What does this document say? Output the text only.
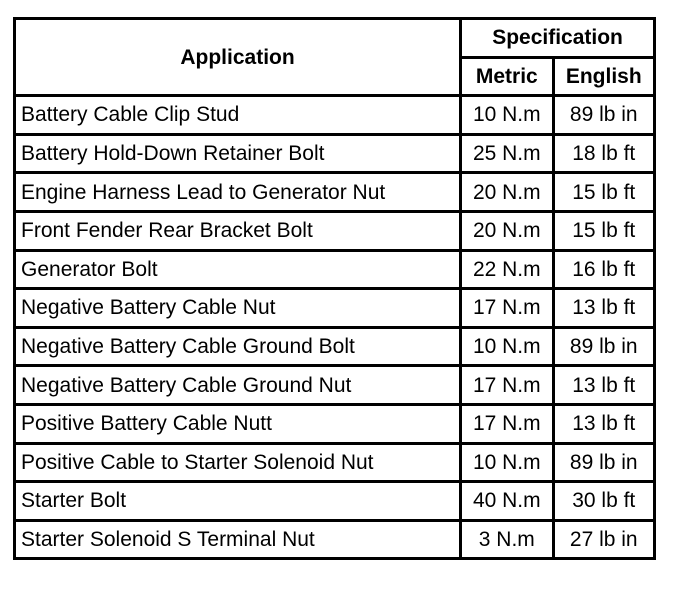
Application	Specification	
	Metric	English
Battery Cable Clip Stud	10 N.m	89 lb in
Battery Hold-Down Retainer Bolt	25 N.m	18 lb ft
Engine Harness Lead to Generator Nut	20 N.m	15 lb ft
Front Fender Rear Bracket Bolt	20 N.m	15 lb ft
Generator Bolt	22 N.m	16 lb ft
Negative Battery Cable Nut	17 N.m	13 lb ft
Negative Battery Cable Ground Bolt	10 N.m	89 lb in
Negative Battery Cable Ground Nut	17 N.m	13 lb ft
Positive Battery Cable Nutt	17 N.m	13 lb ft
Positive Cable to Starter Solenoid Nut	10 N.m	89 lb in
Starter Bolt	40 N.m	30 lb ft
Starter Solenoid S Terminal Nut	3 N.m	27 lb in
